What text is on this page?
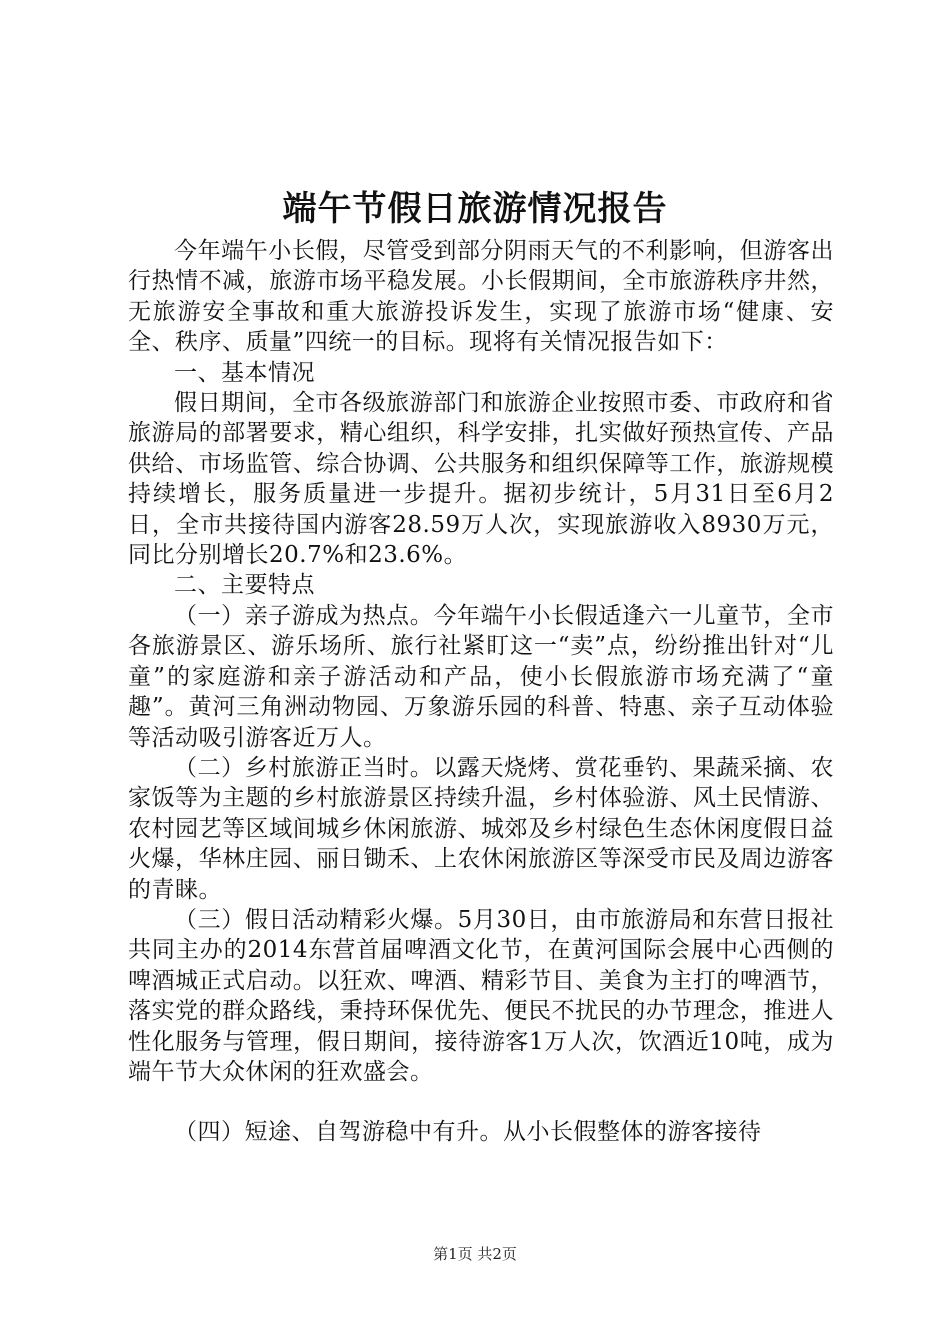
端午节假日旅游情况报告

今年端午小长假，尽管受到部分阴雨天气的不利影响，但游客出行热情不减，旅游市场平稳发展。小长假期间，全市旅游秩序井然，无旅游安全事故和重大旅游投诉发生，实现了旅游市场“健康、安全、秩序、质量”四统一的目标。现将有关情况报告如下：

一、基本情况

假日期间，全市各级旅游部门和旅游企业按照市委、市政府和省旅游局的部署要求，精心组织，科学安排，扎实做好预热宣传、产品供给、市场监管、综合协调、公共服务和组织保障等工作，旅游规模持续增长，服务质量进一步提升。据初步统计，5月31日至6月2日，全市共接待国内游客28.59万人次，实现旅游收入8930万元，同比分别增长20.7%和23.6%。

二、主要特点

（一）亲子游成为热点。今年端午小长假适逢六一儿童节，全市各旅游景区、游乐场所、旅行社紧盯这一“卖”点，纷纷推出针对“儿童”的家庭游和亲子游活动和产品，使小长假旅游市场充满了“童趣”。黄河三角洲动物园、万象游乐园的科普、特惠、亲子互动体验等活动吸引游客近万人。

（二）乡村旅游正当时。以露天烧烤、赏花垂钓、果蔬采摘、农家饭等为主题的乡村旅游景区持续升温，乡村体验游、风土民情游、农村园艺等区域间城乡休闲旅游、城郊及乡村绿色生态休闲度假日益火爆，华林庄园、丽日锄禾、上农休闲旅游区等深受市民及周边游客的青睐。

（三）假日活动精彩火爆。5月30日，由市旅游局和东营日报社共同主办的2014东营首届啤酒文化节，在黄河国际会展中心西侧的啤酒城正式启动。以狂欢、啤酒、精彩节目、美食为主打的啤酒节，落实党的群众路线，秉持环保优先、便民不扰民的办节理念，推进人性化服务与管理，假日期间，接待游客1万人次，饮酒近10吨，成为端午节大众休闲的狂欢盛会。

（四）短途、自驾游稳中有升。从小长假整体的游客接待

第1页 共2页
